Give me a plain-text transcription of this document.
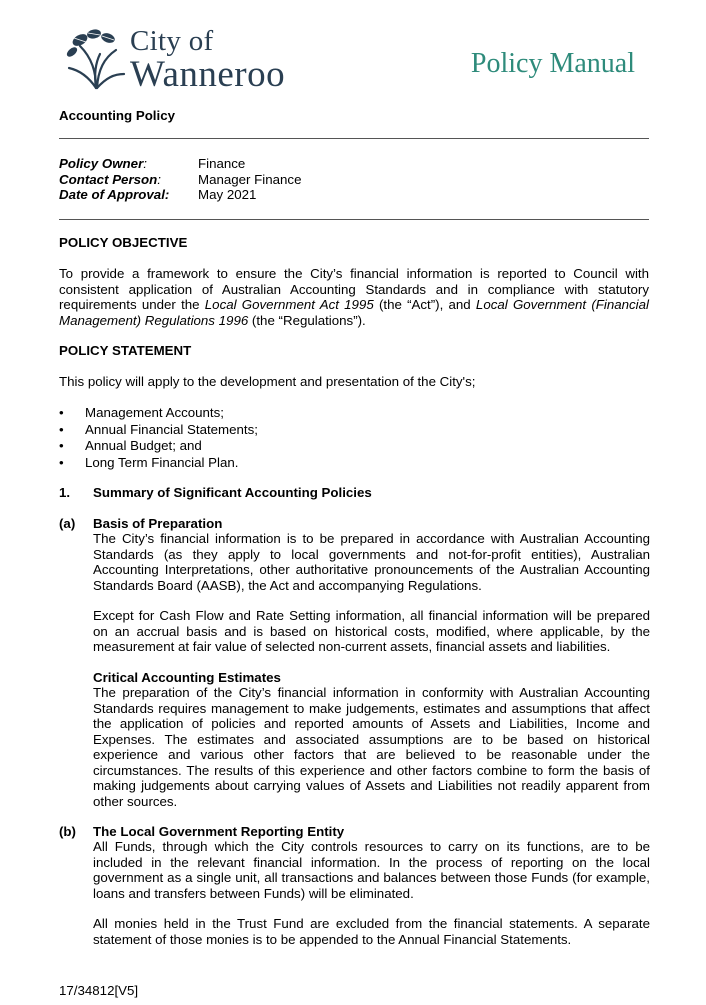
City of
Wanneroo	Policy Manual
Accounting Policy
Policy Owner:	Finance
Contact Person:	Manager Finance
Date of Approval:	May 2021
POLICY OBJECTIVE
To provide a framework to ensure the City’s financial information is reported to Council with consistent application of Australian Accounting Standards and in compliance with statutory requirements under the Local Government Act 1995 (the “Act”), and Local Government (Financial Management) Regulations 1996 (the “Regulations”).
POLICY STATEMENT
This policy will apply to the development and presentation of the City's;
•	Management Accounts;
•	Annual Financial Statements;
•	Annual Budget; and
•	Long Term Financial Plan.
1.	Summary of Significant Accounting Policies
(a) Basis of Preparation
The City’s financial information is to be prepared in accordance with Australian Accounting Standards (as they apply to local governments and not-for-profit entities), Australian Accounting Interpretations, other authoritative pronouncements of the Australian Accounting Standards Board (AASB), the Act and accompanying Regulations.
Except for Cash Flow and Rate Setting information, all financial information will be prepared on an accrual basis and is based on historical costs, modified, where applicable, by the measurement at fair value of selected non-current assets, financial assets and liabilities.
Critical Accounting Estimates
The preparation of the City’s financial information in conformity with Australian Accounting Standards requires management to make judgements, estimates and assumptions that affect the application of policies and reported amounts of Assets and Liabilities, Income and Expenses. The estimates and associated assumptions are to be based on historical experience and various other factors that are believed to be reasonable under the circumstances. The results of this experience and other factors combine to form the basis of making judgements about carrying values of Assets and Liabilities not readily apparent from other sources.
(b) The Local Government Reporting Entity
All Funds, through which the City controls resources to carry on its functions, are to be included in the relevant financial information. In the process of reporting on the local government as a single unit, all transactions and balances between those Funds (for example, loans and transfers between Funds) will be eliminated.
All monies held in the Trust Fund are excluded from the financial statements. A separate statement of those monies is to be appended to the Annual Financial Statements.
17/34812[V5]
